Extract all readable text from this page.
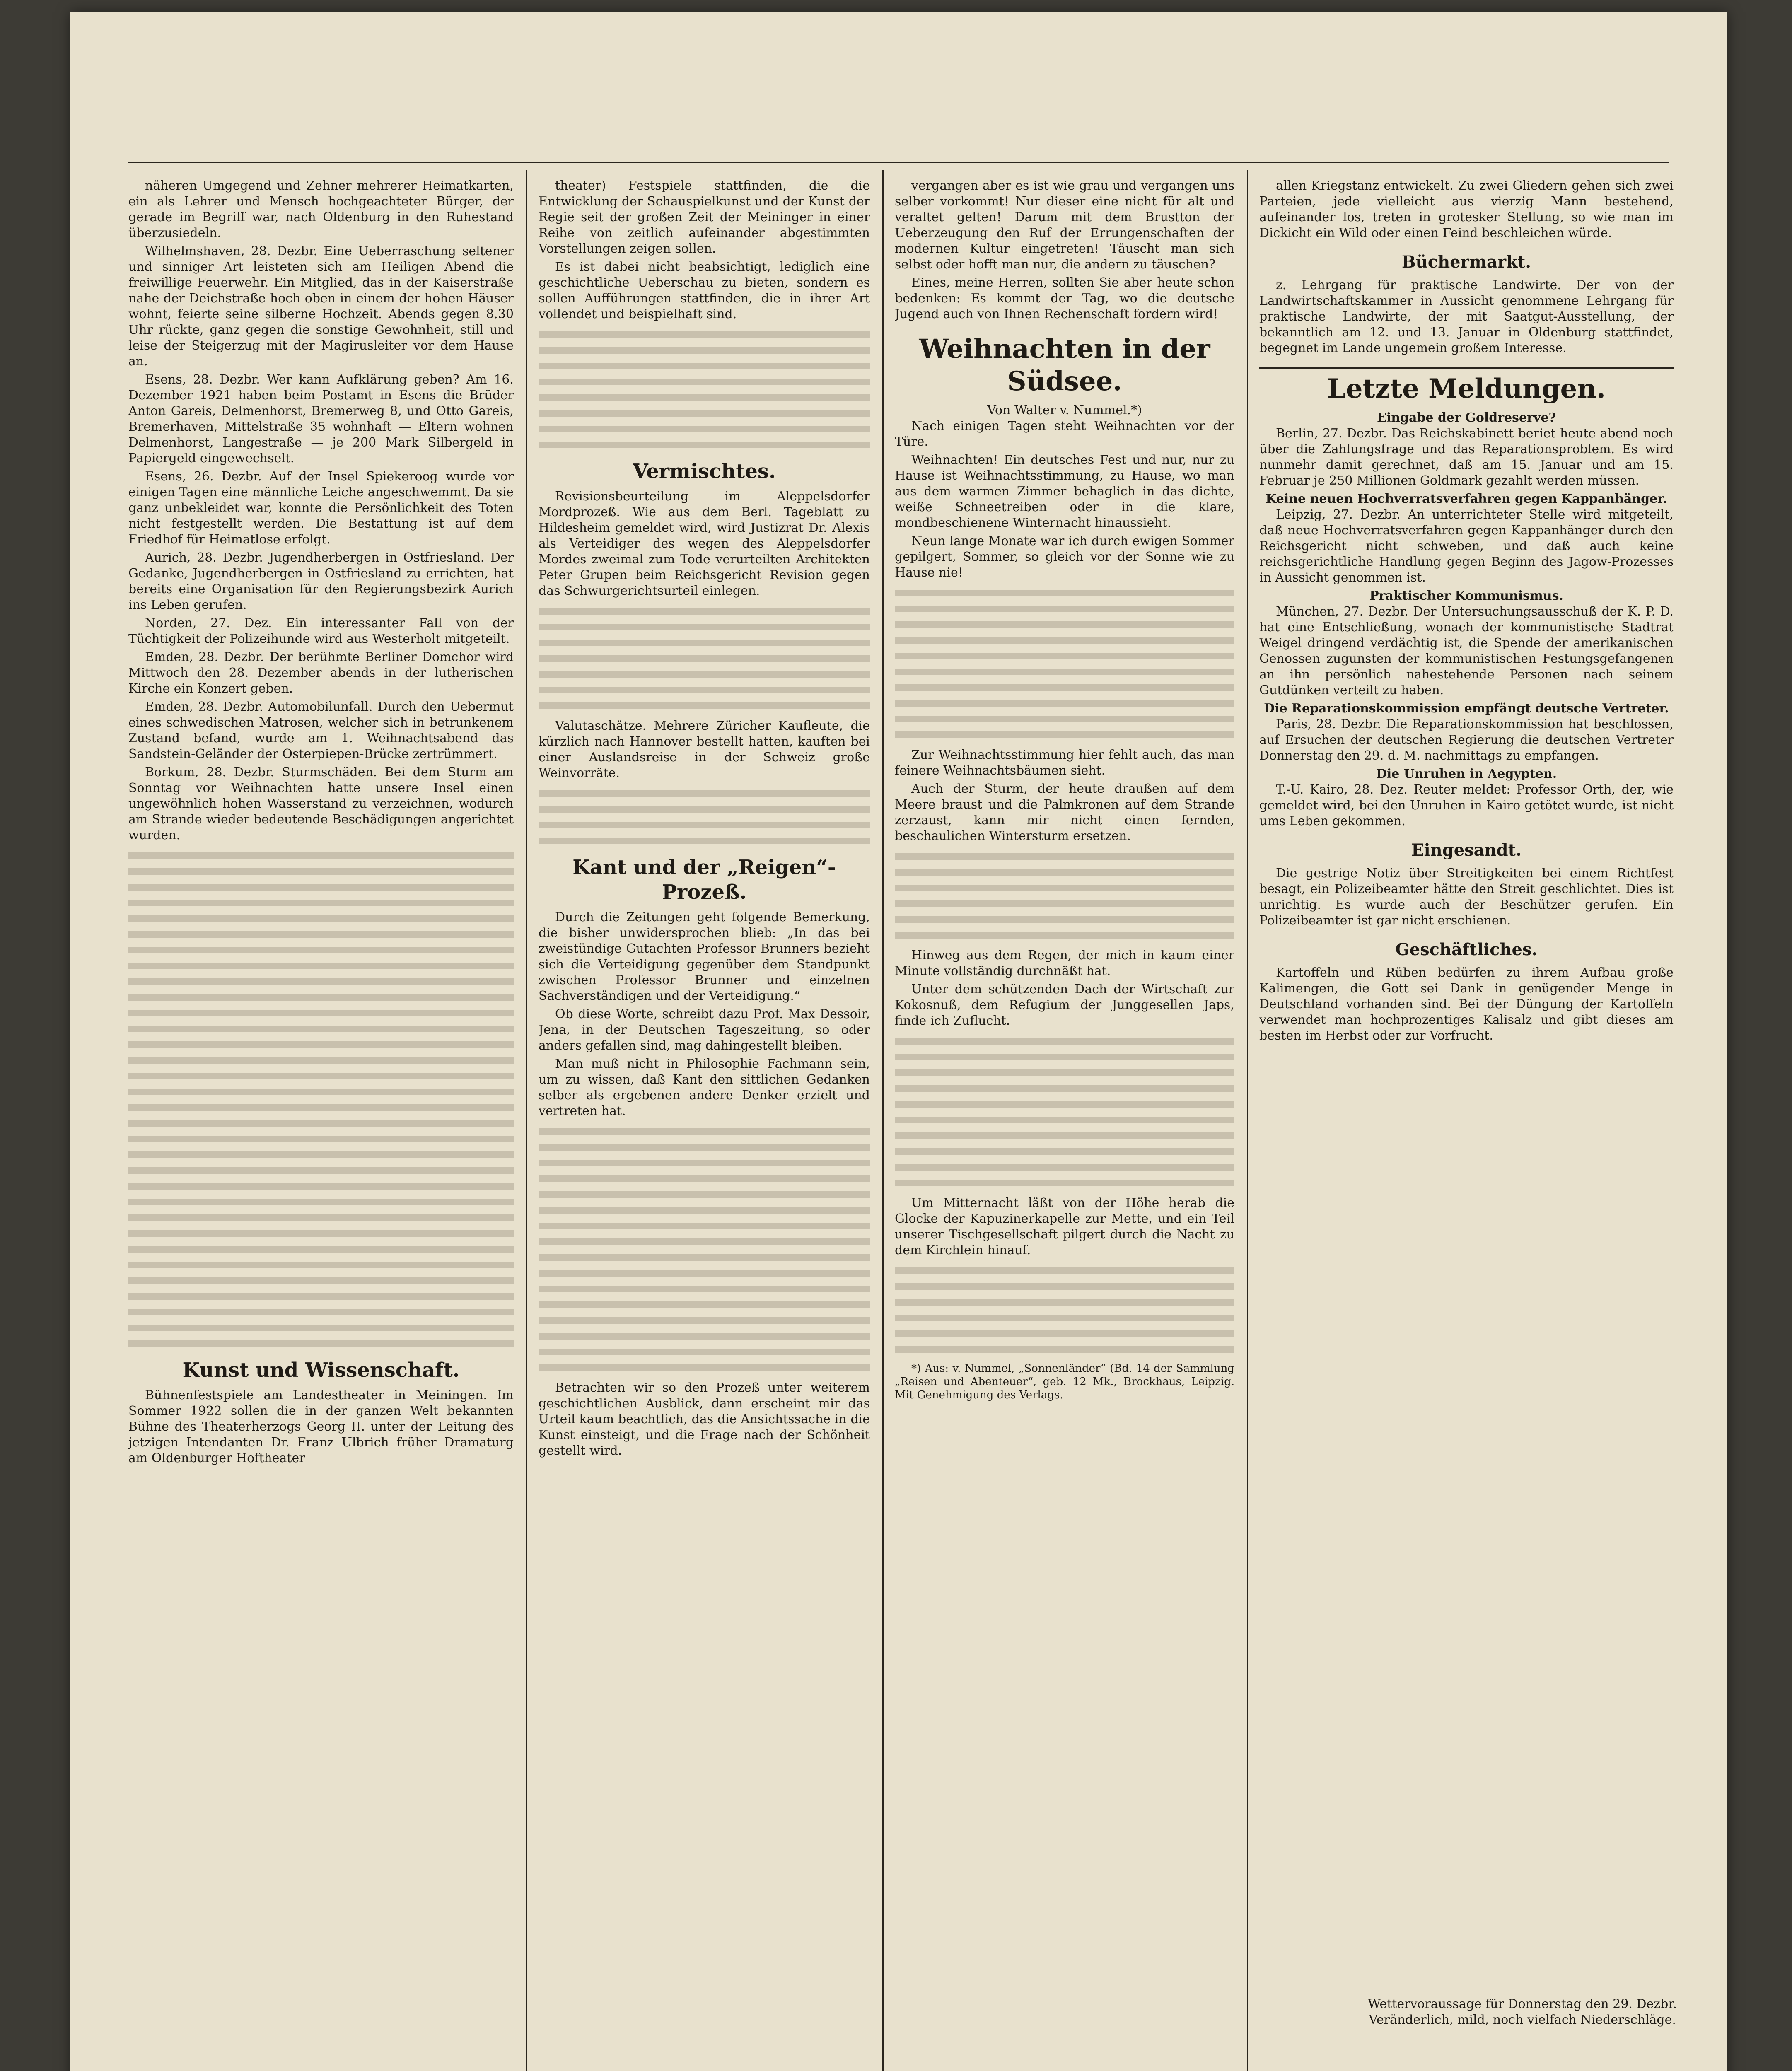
näheren Umgegend und Zehner mehrerer Heimatkarten, ein als Lehrer und Mensch hochgeachteter Bürger, der gerade im Begriff war, nach Oldenburg in den Ruhestand überzusiedeln.

Wilhelmshaven, 28. Dezbr. Eine Ueberraschung seltener und sinniger Art leisteten sich am Heiligen Abend die freiwillige Feuerwehr. Ein Mitglied, das in der Kaiserstraße nahe der Deichstraße hoch oben in einem der hohen Häuser wohnt, feierte seine silberne Hochzeit. Abends gegen 8.30 Uhr rückte, ganz gegen die sonstige Gewohnheit, still und leise der Steigerzug mit der Magirusleiter vor dem Hause an.

Esens, 28. Dezbr. Wer kann Aufklärung geben? Am 16. Dezember 1921 haben beim Postamt in Esens die Brüder Anton Gareis, Delmenhorst, Bremerweg 8, und Otto Gareis, Bremerhaven, Mittelstraße 35 wohnhaft — Eltern wohnen Delmenhorst, Langestraße — je 200 Mark Silbergeld in Papiergeld eingewechselt.

Esens, 26. Dezbr. Auf der Insel Spiekeroog wurde vor einigen Tagen eine männliche Leiche angeschwemmt. Da sie ganz unbekleidet war, konnte die Persönlichkeit des Toten nicht festgestellt werden. Die Bestattung ist auf dem Friedhof für Heimatlose erfolgt.

Aurich, 28. Dezbr. Jugendherbergen in Ostfriesland. Der Gedanke, Jugendherbergen in Ostfriesland zu errichten, hat bereits eine Organisation für den Regierungsbezirk Aurich ins Leben gerufen.

Norden, 27. Dez. Ein interessanter Fall von der Tüchtigkeit der Polizeihunde wird aus Westerholt mitgeteilt.

Emden, 28. Dezbr. Der berühmte Berliner Domchor wird Mittwoch den 28. Dezember abends in der lutherischen Kirche ein Konzert geben.

Emden, 28. Dezbr. Automobilunfall. Durch den Uebermut eines schwedischen Matrosen, welcher sich in betrunkenem Zustand befand, wurde am 1. Weihnachtsabend das Sandstein-Geländer der Osterpiepen-Brücke zertrümmert.

Borkum, 28. Dezbr. Sturmschäden. Bei dem Sturm am Sonntag vor Weihnachten hatte unsere Insel einen ungewöhnlich hohen Wasserstand zu verzeichnen, wodurch am Strande wieder bedeutende Beschädigungen angerichtet wurden.

Kunst und Wissenschaft.

Bühnenfestspiele am Landestheater in Meiningen. Im Sommer 1922 sollen die in der ganzen Welt bekannten Bühne des Theaterherzogs Georg II. unter der Leitung des jetzigen Intendanten Dr. Franz Ulbrich früher Dramaturg am Oldenburger Hoftheater

theater) Festspiele stattfinden, die die Entwicklung der Schauspielkunst und der Kunst der Regie seit der großen Zeit der Meininger in einer Reihe von zeitlich aufeinander abgestimmten Vorstellungen zeigen sollen.

Es ist dabei nicht beabsichtigt, lediglich eine geschichtliche Ueberschau zu bieten, sondern es sollen Aufführungen stattfinden, die in ihrer Art vollendet und beispielhaft sind.

Vermischtes.

Revisionsbeurteilung im Aleppelsdorfer Mordprozeß. Wie aus dem Berl. Tageblatt zu Hildesheim gemeldet wird, wird Justizrat Dr. Alexis als Verteidiger des wegen des Aleppelsdorfer Mordes zweimal zum Tode verurteilten Architekten Peter Grupen beim Reichsgericht Revision gegen das Schwurgerichtsurteil einlegen.

Valutaschätze. Mehrere Züricher Kaufleute, die kürzlich nach Hannover bestellt hatten, kauften bei einer Auslandsreise in der Schweiz große Weinvorräte.

Kant und der „Reigen“-Prozeß.

Durch die Zeitungen geht folgende Bemerkung, die bisher unwidersprochen blieb: „In das bei zweistündige Gutachten Professor Brunners bezieht sich die Verteidigung gegenüber dem Standpunkt zwischen Professor Brunner und einzelnen Sachverständigen und der Verteidigung.“

Ob diese Worte, schreibt dazu Prof. Max Dessoir, Jena, in der Deutschen Tageszeitung, so oder anders gefallen sind, mag dahingestellt bleiben.

Man muß nicht in Philosophie Fachmann sein, um zu wissen, daß Kant den sittlichen Gedanken selber als ergebenen andere Denker erzielt und vertreten hat.

Betrachten wir so den Prozeß unter weiterem geschichtlichen Ausblick, dann erscheint mir das Urteil kaum beachtlich, das die Ansichtssache in die Kunst einsteigt, und die Frage nach der Schönheit gestellt wird.

vergangen aber es ist wie grau und vergangen uns selber vorkommt! Nur dieser eine nicht für alt und veraltet gelten! Darum mit dem Brustton der Ueberzeugung den Ruf der Errungenschaften der modernen Kultur eingetreten! Täuscht man sich selbst oder hofft man nur, die andern zu täuschen?

Eines, meine Herren, sollten Sie aber heute schon bedenken: Es kommt der Tag, wo die deutsche Jugend auch von Ihnen Rechenschaft fordern wird!

Weihnachten in der Südsee.
Von Walter v. Nummel.*)

Nach einigen Tagen steht Weihnachten vor der Türe.

Weihnachten! Ein deutsches Fest und nur, nur zu Hause ist Weihnachtsstimmung, zu Hause, wo man aus dem warmen Zimmer behaglich in das dichte, weiße Schneetreiben oder in die klare, mondbeschienene Winternacht hinaussieht.

Neun lange Monate war ich durch ewigen Sommer gepilgert, Sommer, so gleich vor der Sonne wie zu Hause nie!

Zur Weihnachtsstimmung hier fehlt auch, das man feinere Weihnachtsbäumen sieht.

Auch der Sturm, der heute draußen auf dem Meere braust und die Palmkronen auf dem Strande zerzaust, kann mir nicht einen fernden, beschaulichen Wintersturm ersetzen.

Hinweg aus dem Regen, der mich in kaum einer Minute vollständig durchnäßt hat.

Unter dem schützenden Dach der Wirtschaft zur Kokosnuß, dem Refugium der Junggesellen Japs, finde ich Zuflucht.

Um Mitternacht läßt von der Höhe herab die Glocke der Kapuzinerkapelle zur Mette, und ein Teil unserer Tischgesellschaft pilgert durch die Nacht zu dem Kirchlein hinauf.

*) Aus: v. Nummel, „Sonnenländer“ (Bd. 14 der Sammlung „Reisen und Abenteuer“, geb. 12 Mk., Brockhaus, Leipzig. Mit Genehmigung des Verlags.

allen Kriegstanz entwickelt. Zu zwei Gliedern gehen sich zwei Parteien, jede vielleicht aus vierzig Mann bestehend, aufeinander los, treten in grotesker Stellung, so wie man im Dickicht ein Wild oder einen Feind beschleichen würde.

Büchermarkt.

z. Lehrgang für praktische Landwirte. Der von der Landwirtschaftskammer in Aussicht genommene Lehrgang für praktische Landwirte, der mit Saatgut-Ausstellung, der bekanntlich am 12. und 13. Januar in Oldenburg stattfindet, begegnet im Lande ungemein großem Interesse.

Letzte Meldungen.
Eingabe der Goldreserve?

Berlin, 27. Dezbr. Das Reichskabinett beriet heute abend noch über die Zahlungsfrage und das Reparationsproblem. Es wird nunmehr damit gerechnet, daß am 15. Januar und am 15. Februar je 250 Millionen Goldmark gezahlt werden müssen.

Keine neuen Hochverratsverfahren gegen Kappanhänger.

Leipzig, 27. Dezbr. An unterrichteter Stelle wird mitgeteilt, daß neue Hochverratsverfahren gegen Kappanhänger durch den Reichsgericht nicht schweben, und daß auch keine reichsgerichtliche Handlung gegen Beginn des Jagow-Prozesses in Aussicht genommen ist.

Praktischer Kommunismus.

München, 27. Dezbr. Der Untersuchungsausschuß der K. P. D. hat eine Entschließung, wonach der kommunistische Stadtrat Weigel dringend verdächtig ist, die Spende der amerikanischen Genossen zugunsten der kommunistischen Festungsgefangenen an ihn persönlich nahestehende Personen nach seinem Gutdünken verteilt zu haben.

Die Reparationskommission empfängt deutsche Vertreter.

Paris, 28. Dezbr. Die Reparationskommission hat beschlossen, auf Ersuchen der deutschen Regierung die deutschen Vertreter Donnerstag den 29. d. M. nachmittags zu empfangen.

Die Unruhen in Aegypten.

T.-U. Kairo, 28. Dez. Reuter meldet: Professor Orth, der, wie gemeldet wird, bei den Unruhen in Kairo getötet wurde, ist nicht ums Leben gekommen.

Eingesandt.

Die gestrige Notiz über Streitigkeiten bei einem Richtfest besagt, ein Polizeibeamter hätte den Streit geschlichtet. Dies ist unrichtig. Es wurde auch der Beschützer gerufen. Ein Polizeibeamter ist gar nicht erschienen.

Geschäftliches.

Kartoffeln und Rüben bedürfen zu ihrem Aufbau große Kalimengen, die Gott sei Dank in genügender Menge in Deutschland vorhanden sind. Bei der Düngung der Kartoffeln verwendet man hochprozentiges Kalisalz und gibt dieses am besten im Herbst oder zur Vorfrucht.

Wettervoraussage für Donnerstag den 29. Dezbr. Veränderlich, mild, noch vielfach Niederschläge.
